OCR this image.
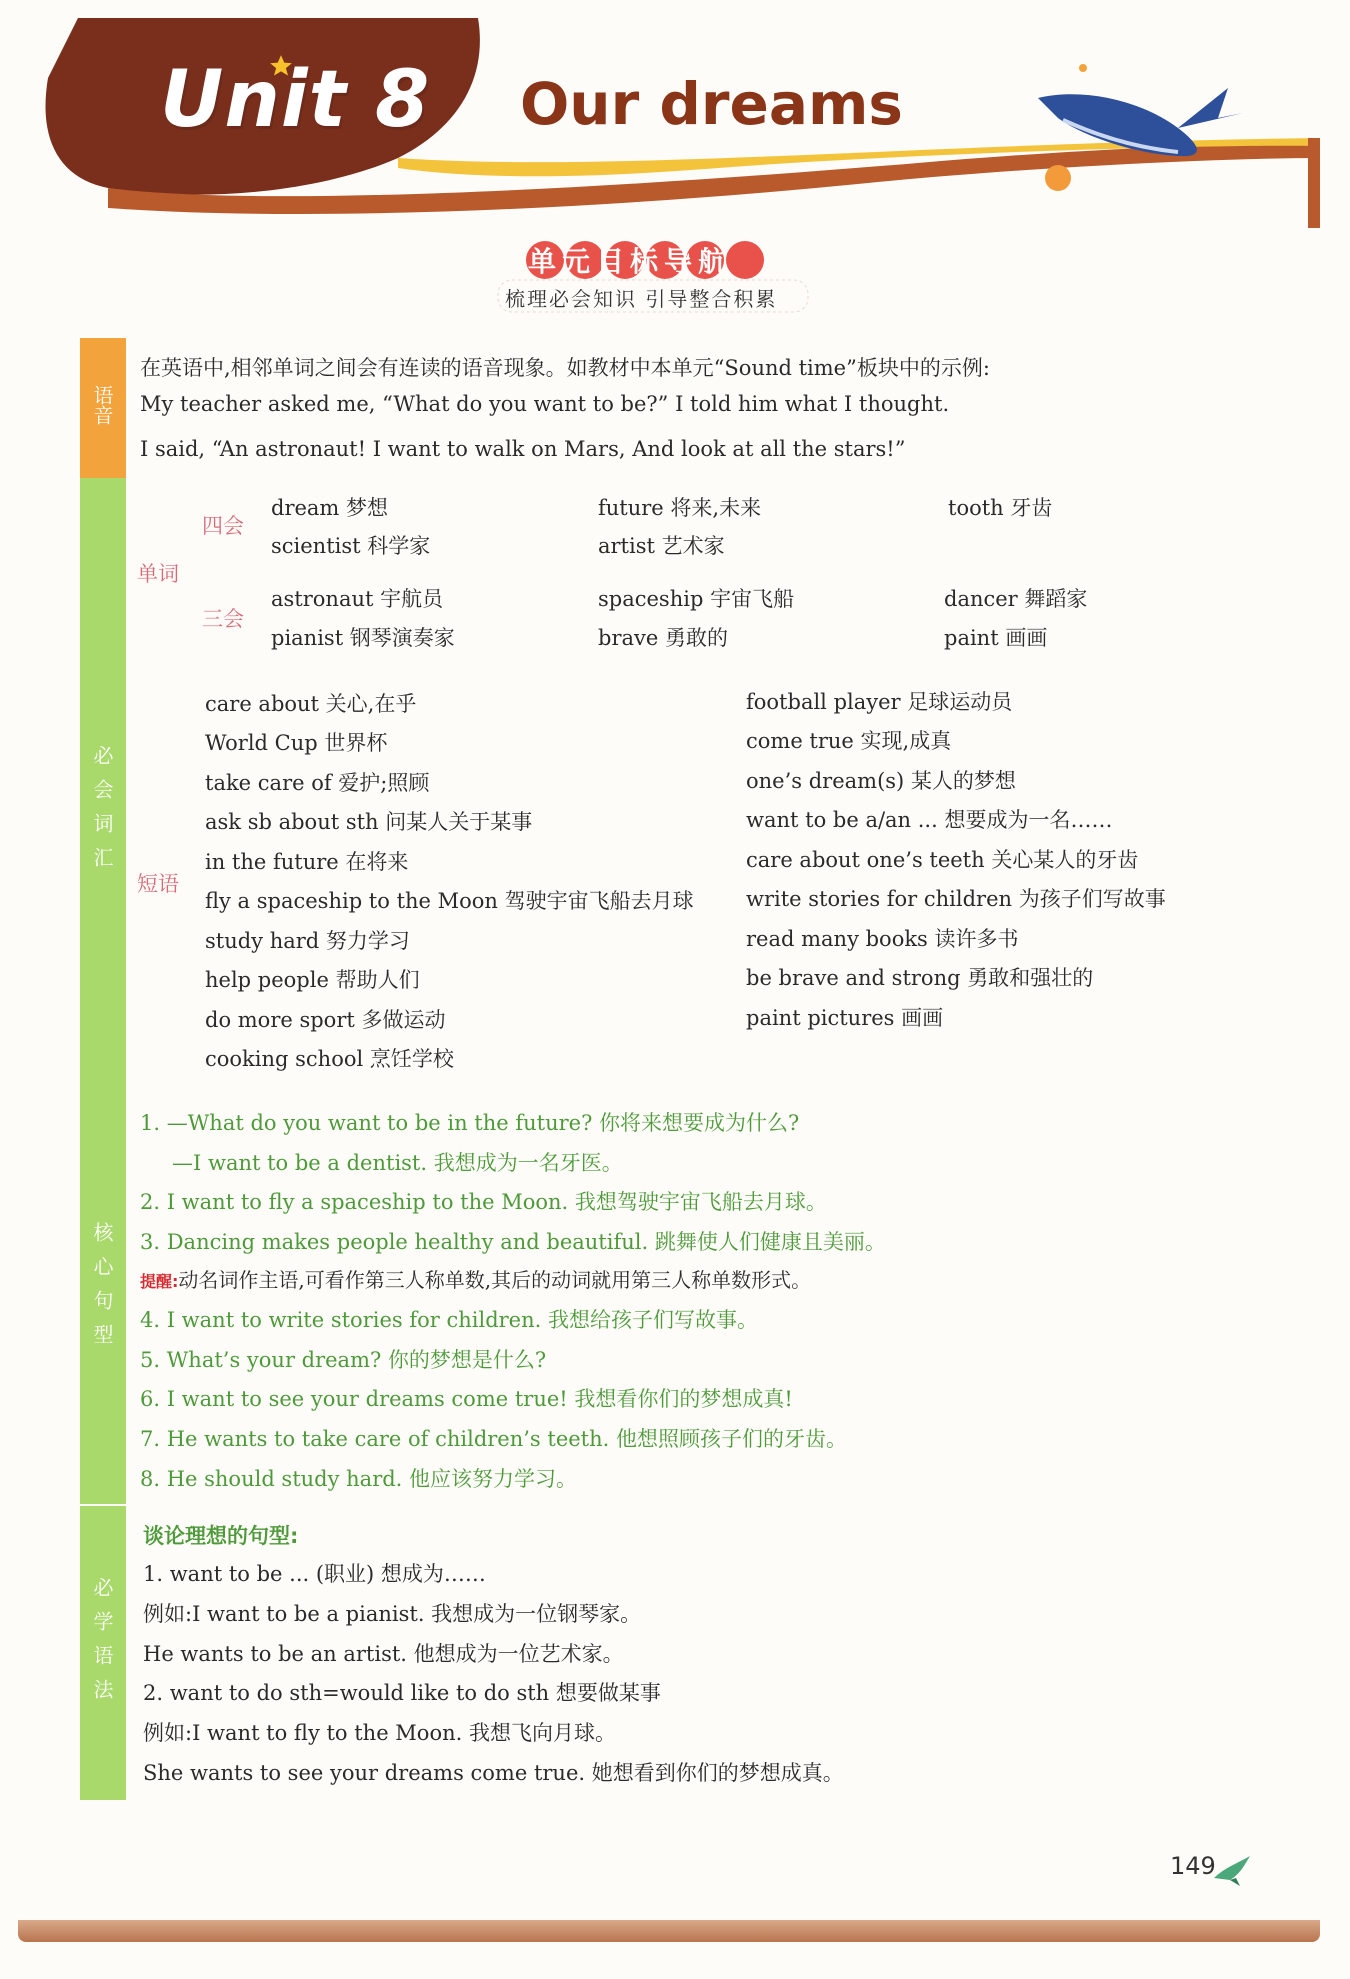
Unit 8 Our dreams
单元目标导航
梳理必会知识 引导整合积累
语音
必会词汇
核心句型
必学语法
在英语中,相邻单词之间会有连读的语音现象。如教材中本单元“Sound time”板块中的示例:
My teacher asked me, “What do you want to be?” I told him what I thought.
I said, “An astronaut! I want to walk on Mars, And look at all the stars!”
单词
四会
三会
dream 梦想	future 将来,未来	tooth 牙齿
scientist 科学家	artist 艺术家
astronaut 宇航员	spaceship 宇宙飞船	dancer 舞蹈家
pianist 钢琴演奏家	brave 勇敢的	paint 画画
短语
care about 关心,在乎
World Cup 世界杯
take care of 爱护;照顾
ask sb about sth 问某人关于某事
in the future 在将来
fly a spaceship to the Moon 驾驶宇宙飞船去月球
study hard 努力学习
help people 帮助人们
do more sport 多做运动
cooking school 烹饪学校
football player 足球运动员
come true 实现,成真
one’s dream(s) 某人的梦想
want to be a/an ... 想要成为一名……
care about one’s teeth 关心某人的牙齿
write stories for children 为孩子们写故事
read many books 读许多书
be brave and strong 勇敢和强壮的
paint pictures 画画
1. —What do you want to be in the future? 你将来想要成为什么?
—I want to be a dentist. 我想成为一名牙医。
2. I want to fly a spaceship to the Moon. 我想驾驶宇宙飞船去月球。
3. Dancing makes people healthy and beautiful. 跳舞使人们健康且美丽。
提醒:动名词作主语,可看作第三人称单数,其后的动词就用第三人称单数形式。
4. I want to write stories for children. 我想给孩子们写故事。
5. What’s your dream? 你的梦想是什么?
6. I want to see your dreams come true! 我想看你们的梦想成真!
7. He wants to take care of children’s teeth. 他想照顾孩子们的牙齿。
8. He should study hard. 他应该努力学习。
谈论理想的句型:
1. want to be ... (职业) 想成为……
例如:I want to be a pianist. 我想成为一位钢琴家。
He wants to be an artist. 他想成为一位艺术家。
2. want to do sth=would like to do sth 想要做某事
例如:I want to fly to the Moon. 我想飞向月球。
She wants to see your dreams come true. 她想看到你们的梦想成真。
149
